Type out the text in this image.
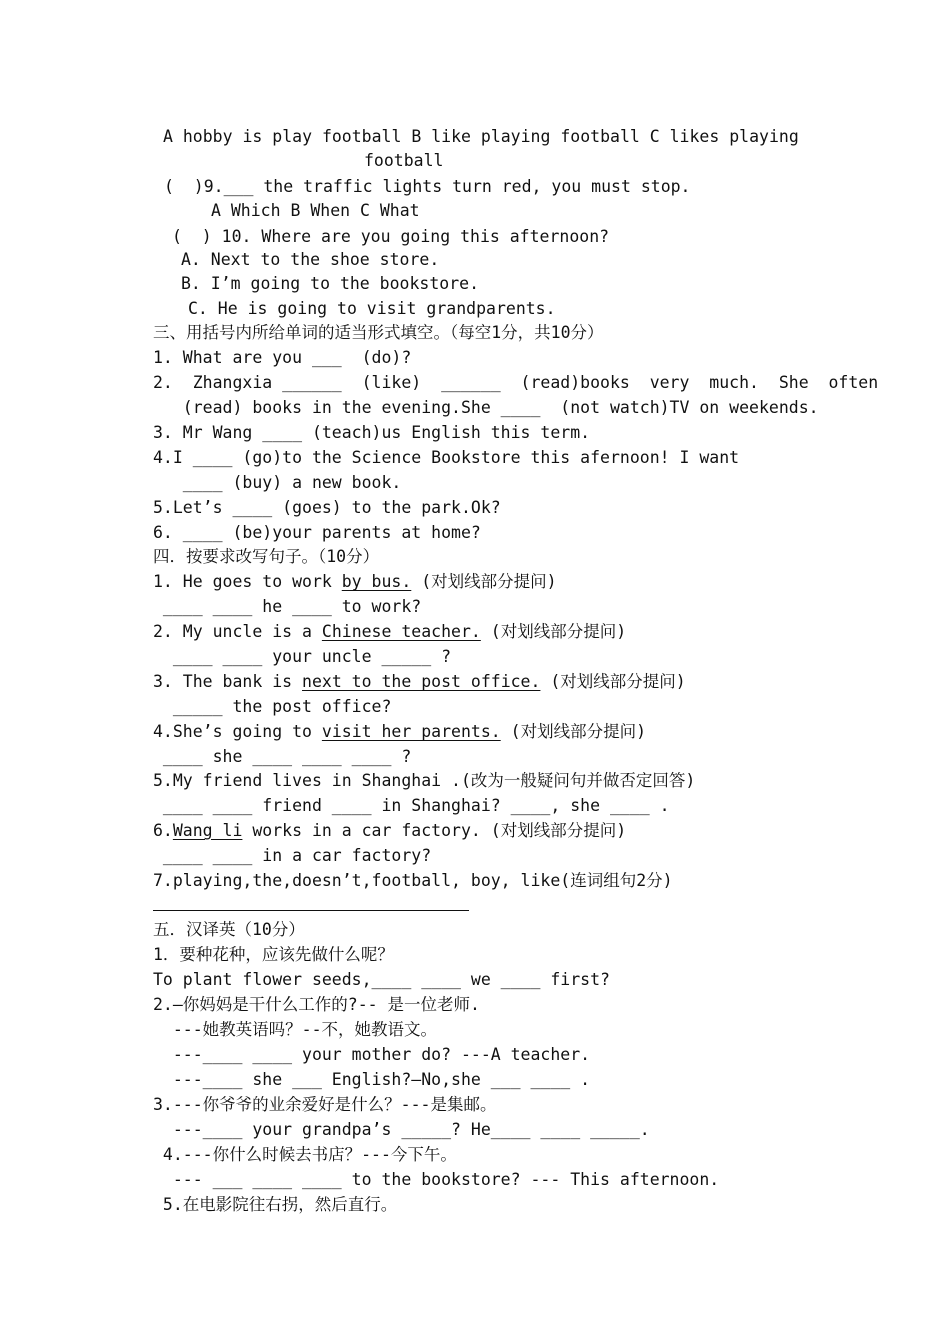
A hobby is play football B like playing football C likes playing
football
(  )9.___ the traffic lights turn red, you must stop.
A Which B When C What
(  ) 10. Where are you going this afternoon?
A. Next to the shoe store.
B. I’m going to the bookstore.
C. He is going to visit grandparents.
三、用括号内所给单词的适当形式填空。（每空1分，共10分）
1. What are you ___  (do)?
2.  Zhangxia ______  (like)  ______  (read)books  very  much.  She  often
(read) books in the evening.She ____  (not watch)TV on weekends.
3. Mr Wang ____ (teach)us English this term.
4.I ____ (go)to the Science Bookstore this afernoon! I want
____ (buy) a new book.
5.Let’s ____ (goes) to the park.Ok?
6. ____ (be)your parents at home?
四．按要求改写句子。（10分）
1. He goes to work by bus. (对划线部分提问)
____ ____ he ____ to work?
2. My uncle is a Chinese teacher. (对划线部分提问)
____ ____ your uncle _____ ?
3. The bank is next to the post office. (对划线部分提问)
_____ the post office?
4.She’s going to visit her parents. (对划线部分提问)
____ she ____ ____ ____ ?
5.My friend lives in Shanghai .(改为一般疑问句并做否定回答)
____ ____ friend ____ in Shanghai? ____, she ____ .
6.Wang li works in a car factory. (对划线部分提问)
____ ____ in a car factory?
7.playing,the,doesn’t,football, boy, like(连词组句2分)
五．汉译英（10分）
1．要种花种，应该先做什么呢？
To plant flower seeds,____ ____ we ____ first?
2.—你妈妈是干什么工作的?-- 是一位老师.
---她教英语吗？--不，她教语文。
---____ ____ your mother do? ---A teacher.
---____ she ___ English?—No,she ___ ____ .
3.---你爷爷的业余爱好是什么？---是集邮。
---____ your grandpa’s _____? He____ ____ _____.
4.---你什么时候去书店？---今下午。
--- ___ ____ ____ to the bookstore? --- This afternoon.
5.在电影院往右拐，然后直行。
